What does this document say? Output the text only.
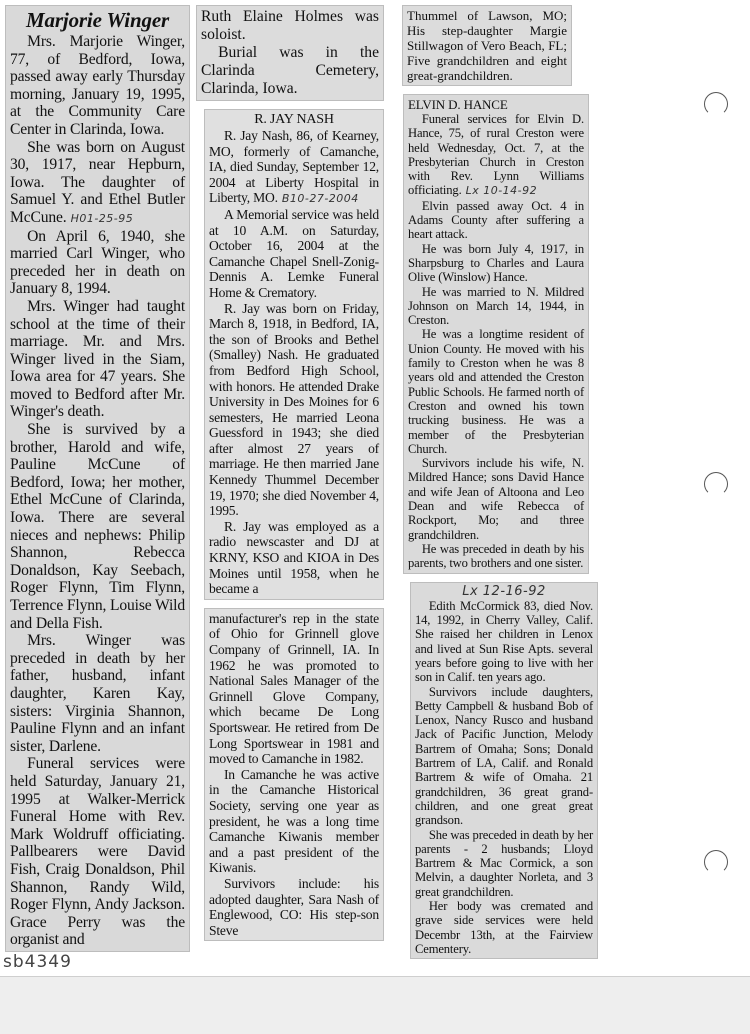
Marjorie Winger

Mrs. Marjorie Winger, 77, of Bedford, Iowa, passed away early Thursday morning, January 19, 1995, at the Community Care Center in Clarinda, Iowa.

She was born on August 30, 1917, near Hepburn, Iowa. The daughter of Samuel Y. and Ethel Butler McCune. H01-25-95

On April 6, 1940, she married Carl Winger, who preceded her in death on January 8, 1994.

Mrs. Winger had taught school at the time of their marriage. Mr. and Mrs. Winger lived in the Siam, Iowa area for 47 years. She moved to Bedford after Mr. Winger's death.

She is survived by a brother, Harold and wife, Pauline McCune of Bedford, Iowa; her mother, Ethel McCune of Clarinda, Iowa. There are several nieces and nephews: Philip Shannon, Rebecca Donaldson, Kay Seebach, Roger Flynn, Tim Flynn, Terrence Flynn, Louise Wild and Della Fish.

Mrs. Winger was preceded in death by her father, husband, infant daughter, Karen Kay, sisters: Virginia Shannon, Pauline Flynn and an infant sister, Darlene.

Funeral services were held Saturday, January 21, 1995 at Walker-Merrick Funeral Home with Rev. Mark Woldruff officiating. Pallbearers were David Fish, Craig Donaldson, Phil Shannon, Randy Wild, Roger Flynn, Andy Jackson. Grace Perry was the organist and

Ruth Elaine Holmes was soloist.

Burial was in the Clarinda Cemetery, Clarinda, Iowa.

R. JAY NASH

R. Jay Nash, 86, of Kearney, MO, formerly of Camanche, IA, died Sunday, September 12, 2004 at Liberty Hospital in Liberty, MO. B10-27-2004

A Memorial service was held at 10 A.M. on Saturday, October 16, 2004 at the Camanche Chapel Snell-Zonig-Dennis A. Lemke Funeral Home & Crematory.

R. Jay was born on Friday, March 8, 1918, in Bedford, IA, the son of Brooks and Bethel (Smalley) Nash. He graduated from Bedford High School, with honors. He attended Drake University in Des Moines for 6 semesters, He married Leona Guessford in 1943; she died after almost 27 years of marriage. He then married Jane Kennedy Thummel December 19, 1970; she died November 4, 1995.

R. Jay was employed as a radio newscaster and DJ at KRNY, KSO and KIOA in Des Moines until 1958, when he became a

manufacturer's rep in the state of Ohio for Grinnell glove Company of Grinnell, IA. In 1962 he was promoted to National Sales Manager of the Grinnell Glove Company, which became De Long Sportswear. He retired from De Long Sportswear in 1981 and moved to Camanche in 1982.

In Camanche he was active in the Camanche Historical Society, serving one year as president, he was a long time Camanche Kiwanis member and a past president of the Kiwanis.

Survivors include: his adopted daughter, Sara Nash of Englewood, CO: His step-son Steve

Thummel of Lawson, MO; His step-daughter Margie Stillwagon of Vero Beach, FL; Five grandchildren and eight great-grandchildren.

ELVIN D. HANCE

Funeral services for Elvin D. Hance, 75, of rural Creston were held Wednesday, Oct. 7, at the Presbyterian Church in Creston with Rev. Lynn Williams officiating. Lx 10-14-92

Elvin passed away Oct. 4 in Adams County after suffering a heart attack.

He was born July 4, 1917, in Sharpsburg to Charles and Laura Olive (Winslow) Hance.

He was married to N. Mildred Johnson on March 14, 1944, in Creston.

He was a longtime resident of Union County. He moved with his family to Creston when he was 8 years old and attended the Creston Public Schools. He farmed north of Creston and owned his town trucking business. He was a member of the Presbyterian Church.

Survivors include his wife, N. Mildred Hance; sons David Hance and wife Jean of Altoona and Leo Dean and wife Rebecca of Rockport, Mo; and three grandchildren.

He was preceded in death by his parents, two brothers and one sister.

Lx 12-16-92

Edith McCormick 83, died Nov. 14, 1992, in Cherry Valley, Calif. She raised her children in Lenox and lived at Sun Rise Apts. several years before going to live with her son in Calif. ten years ago.

Survivors include daughters, Betty Campbell & husband Bob of Lenox, Nancy Rusco and husband Jack of Pacific Junction, Melody Bartrem of Omaha; Sons; Donald Bartrem of LA, Calif. and Ronald Bartrem & wife of Omaha. 21 grandchildren, 36 great grand-children, and one great great grandson.

She was preceded in death by her parents - 2 husbands; Lloyd Bartrem & Mac Cormick, a son Melvin, a daughter Norleta, and 3 great grandchildren.

Her body was cremated and grave side services were held Decembr 13th, at the Fairview Cementery.

sb4349
